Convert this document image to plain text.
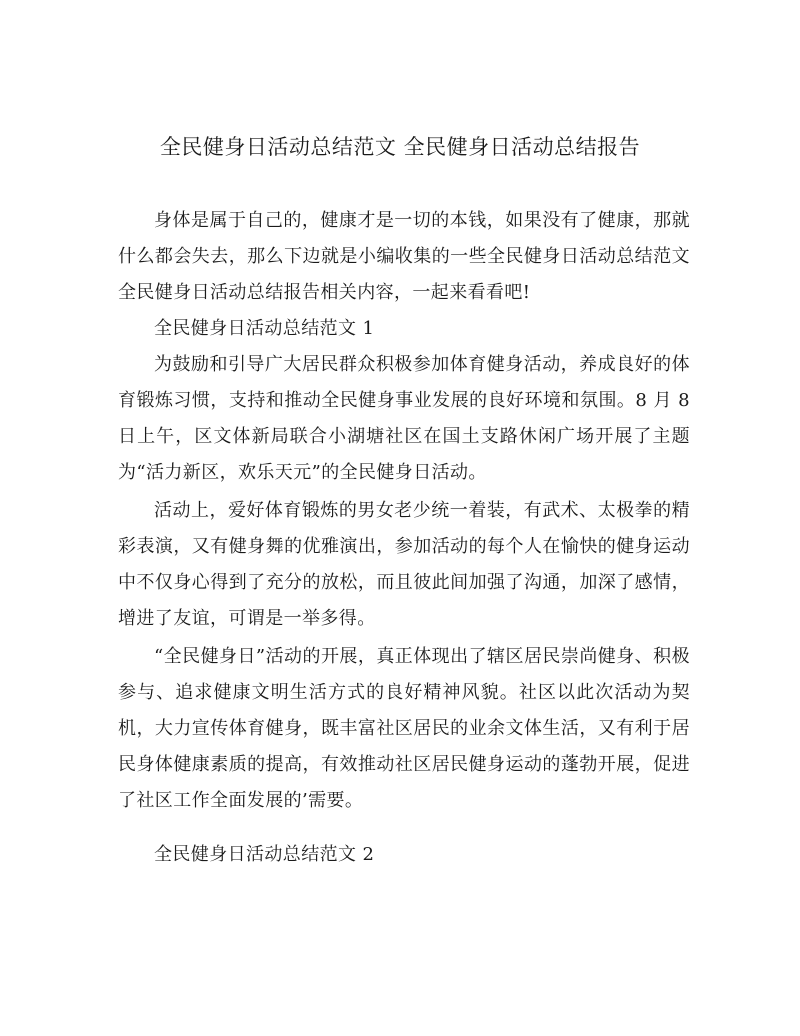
全民健身日活动总结范文 全民健身日活动总结报告

身体是属于自己的，健康才是一切的本钱，如果没有了健康，那就什么都会失去，那么下边就是小编收集的一些全民健身日活动总结范文 全民健身日活动总结报告相关内容，一起来看看吧!

全民健身日活动总结范文 1

为鼓励和引导广大居民群众积极参加体育健身活动，养成良好的体育锻炼习惯，支持和推动全民健身事业发展的良好环境和氛围。8 月 8 日上午，区文体新局联合小湖塘社区在国土支路休闲广场开展了主题为“活力新区，欢乐天元”的全民健身日活动。

活动上，爱好体育锻炼的男女老少统一着装，有武术、太极拳的精彩表演，又有健身舞的优雅演出，参加活动的每个人在愉快的健身运动中不仅身心得到了充分的放松，而且彼此间加强了沟通，加深了感情，增进了友谊，可谓是一举多得。

“全民健身日”活动的开展，真正体现出了辖区居民崇尚健身、积极参与、追求健康文明生活方式的良好精神风貌。社区以此次活动为契机，大力宣传体育健身，既丰富社区居民的业余文体生活，又有利于居民身体健康素质的提高，有效推动社区居民健身运动的蓬勃开展，促进了社区工作全面发展的’需要。

全民健身日活动总结范文 2
